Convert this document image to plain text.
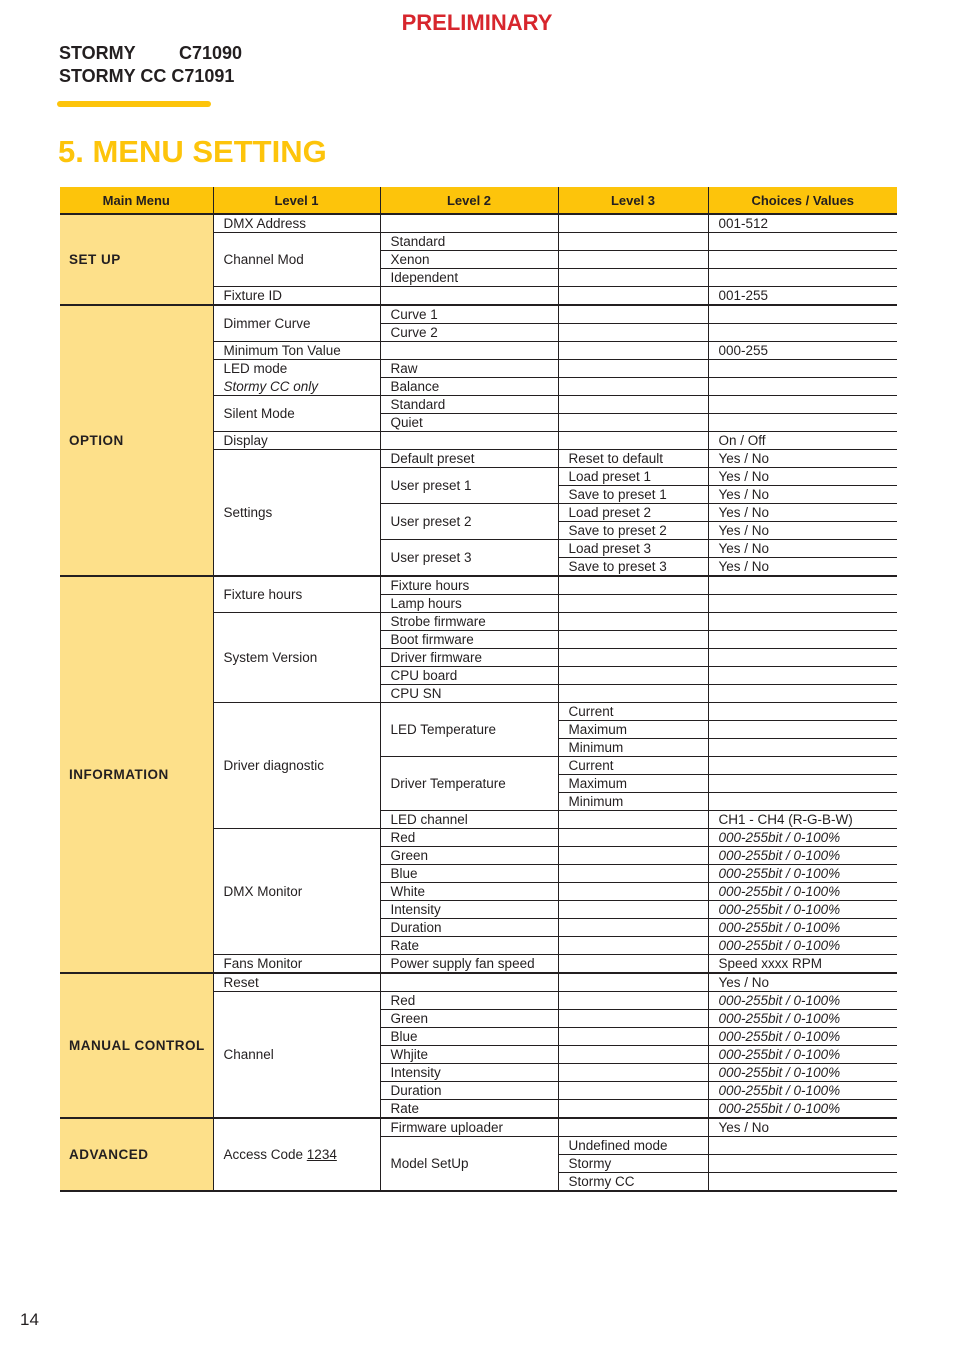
PRELIMINARY
STORMY C71090
STORMY CC C71091
5. MENU SETTING
Main Menu	Level 1	Level 2	Level 3	Choices / Values
SET UP	DMX Address			001-512
	Channel Mod	Standard		
		Xenon		
		Idependent		
	Fixture ID			001-255
OPTION	Dimmer Curve	Curve 1		
		Curve 2		
	Minimum Ton Value			000-255
	LED mode	Raw		
	Stormy CC only	Balance		
	Silent Mode	Standard		
		Quiet		
	Display			On / Off
	Settings	Default preset	Reset to default	Yes / No
		User preset 1	Load preset 1	Yes / No
			Save to preset 1	Yes / No
		User preset 2	Load preset 2	Yes / No
			Save to preset 2	Yes / No
		User preset 3	Load preset 3	Yes / No
			Save to preset 3	Yes / No
INFORMATION	Fixture hours	Fixture hours		
		Lamp hours		
	System Version	Strobe firmware		
		Boot firmware		
		Driver firmware		
		CPU board		
		CPU SN		
	Driver diagnostic	LED Temperature	Current	
			Maximum	
			Minimum	
		Driver Temperature	Current	
			Maximum	
			Minimum	
		LED channel		CH1 - CH4 (R-G-B-W)
	DMX Monitor	Red		000-255bit / 0-100%
		Green		000-255bit / 0-100%
		Blue		000-255bit / 0-100%
		White		000-255bit / 0-100%
		Intensity		000-255bit / 0-100%
		Duration		000-255bit / 0-100%
		Rate		000-255bit / 0-100%
	Fans Monitor	Power supply fan speed		Speed xxxx RPM
MANUAL CONTROL	Reset			Yes / No
	Channel	Red		000-255bit / 0-100%
		Green		000-255bit / 0-100%
		Blue		000-255bit / 0-100%
		Whjite		000-255bit / 0-100%
		Intensity		000-255bit / 0-100%
		Duration		000-255bit / 0-100%
		Rate		000-255bit / 0-100%
ADVANCED	Access Code 1234	Firmware uploader		Yes / No
		Model SetUp	Undefined mode	
			Stormy	
			Stormy CC	
14
